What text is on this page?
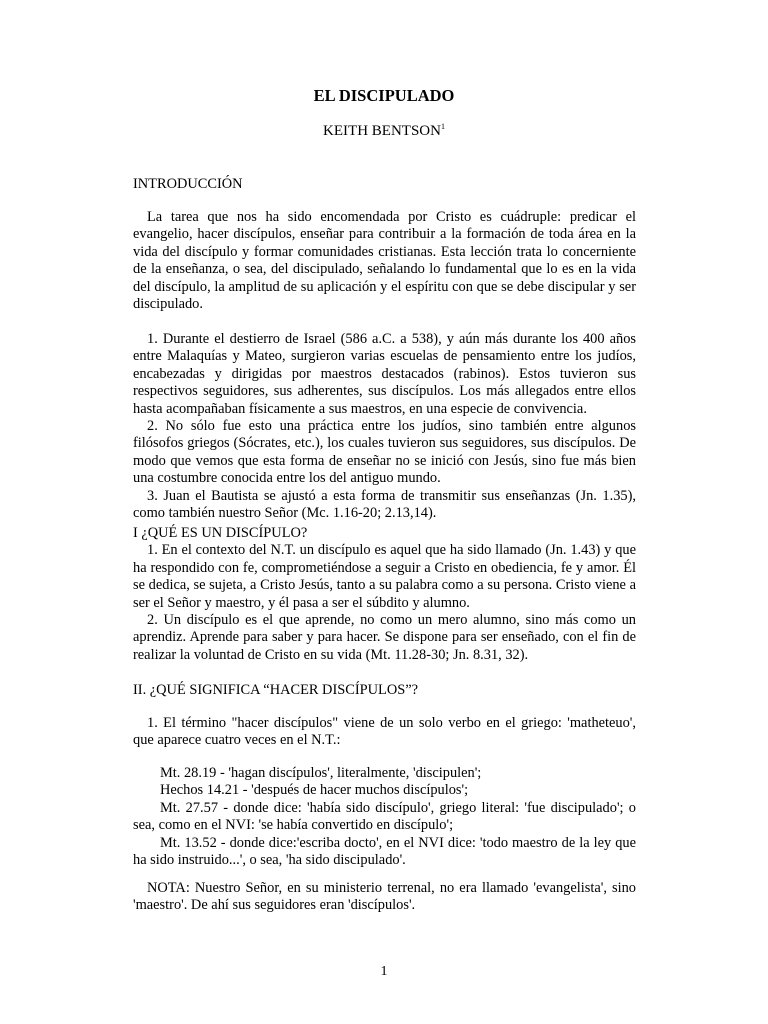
EL DISCIPULADO
KEITH BENTSON$^1$

INTRODUCCIÓN

La tarea que nos ha sido encomendada por Cristo es cuádruple: predicar el evangelio, hacer discípulos, enseñar para contribuir a la formación de toda área en la vida del discípulo y formar comunidades cristianas. Esta lección trata lo concerniente de la enseñanza, o sea, del discipulado, señalando lo fundamental que lo es en la vida del discípulo, la amplitud de su aplicación y el espíritu con que se debe discipular y ser discipulado.

1. Durante el destierro de Israel (586 a.C. a 538), y aún más durante los 400 años entre Malaquías y Mateo, surgieron varias escuelas de pensamiento entre los judíos, encabezadas y dirigidas por maestros destacados (rabinos). Estos tuvieron sus respectivos seguidores, sus adherentes, sus discípulos. Los más allegados entre ellos hasta acompañaban físicamente a sus maestros, en una especie de convivencia.

2. No sólo fue esto una práctica entre los judíos, sino también entre algunos filósofos griegos (Sócrates, etc.), los cuales tuvieron sus seguidores, sus discípulos. De modo que vemos que esta forma de enseñar no se inició con Jesús, sino fue más bien una costumbre conocida entre los del antiguo mundo.

3. Juan el Bautista se ajustó a esta forma de transmitir sus enseñanzas (Jn. 1.35), como también nuestro Señor (Mc. 1.16-20; 2.13,14).

I ¿QUÉ ES UN DISCÍPULO?

1. En el contexto del N.T. un discípulo es aquel que ha sido llamado (Jn. 1.43) y que ha respondido con fe, comprometiéndose a seguir a Cristo en obediencia, fe y amor. Él se dedica, se sujeta, a Cristo Jesús, tanto a su palabra como a su persona. Cristo viene a ser el Señor y maestro, y él pasa a ser el súbdito y alumno.

2. Un discípulo es el que aprende, no como un mero alumno, sino más como un aprendiz. Aprende para saber y para hacer. Se dispone para ser enseñado, con el fin de realizar la voluntad de Cristo en su vida (Mt. 11.28-30; Jn. 8.31, 32).

II. ¿QUÉ SIGNIFICA “HACER DISCÍPULOS”?

1. El término "hacer discípulos" viene de un solo verbo en el griego: 'matheteuo', que aparece cuatro veces en el N.T.:

Mt. 28.19 - 'hagan discípulos', literalmente, 'discipulen';

Hechos 14.21 - 'después de hacer muchos discípulos';

Mt. 27.57 - donde dice: 'había sido discípulo', griego literal: 'fue discipulado'; o sea, como en el NVI: 'se había convertido en discípulo';

Mt. 13.52 - donde dice:'escriba docto', en el NVI dice: 'todo maestro de la ley que ha sido instruido...', o sea, 'ha sido discipulado'.

NOTA: Nuestro Señor, en su ministerio terrenal, no era llamado 'evangelista', sino 'maestro'. De ahí sus seguidores eran 'discípulos'.

1
